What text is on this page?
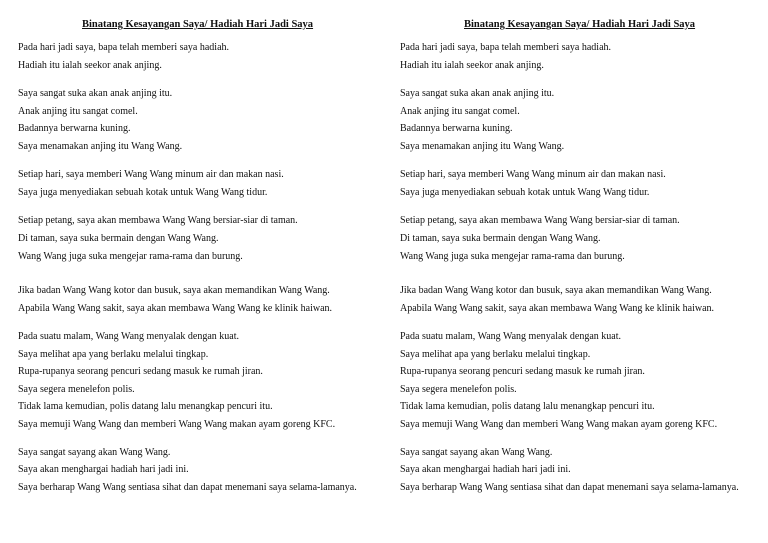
Binatang Kesayangan Saya/ Hadiah Hari Jadi Saya
Pada hari jadi saya, bapa telah memberi saya hadiah.
Hadiah itu ialah seekor anak anjing.
Saya sangat suka akan anak anjing itu.
Anak anjing itu sangat comel.
Badannya berwarna kuning.
Saya menamakan anjing itu Wang Wang.
Setiap hari, saya memberi Wang Wang minum air dan makan nasi.
Saya juga menyediakan sebuah kotak untuk Wang Wang tidur.
Setiap petang, saya akan membawa Wang Wang bersiar-siar di taman.
Di taman, saya suka bermain dengan Wang Wang.
Wang Wang juga suka mengejar rama-rama dan burung.
Jika badan Wang Wang kotor dan busuk, saya akan memandikan Wang Wang.
Apabila Wang Wang sakit, saya akan membawa Wang Wang ke klinik haiwan.
Pada suatu malam, Wang Wang menyalak dengan kuat.
Saya melihat apa yang berlaku melalui tingkap.
Rupa-rupanya seorang pencuri sedang masuk ke rumah jiran.
Saya segera menelefon polis.
Tidak lama kemudian, polis datang lalu menangkap pencuri itu.
Saya memuji Wang Wang dan memberi Wang Wang makan ayam goreng KFC.
Saya sangat sayang akan Wang Wang.
Saya akan menghargai hadiah hari jadi ini.
Saya berharap Wang Wang sentiasa sihat dan dapat menemani saya selama-lamanya.
Binatang Kesayangan Saya/ Hadiah Hari Jadi Saya
Pada hari jadi saya, bapa telah memberi saya hadiah.
Hadiah itu ialah seekor anak anjing.
Saya sangat suka akan anak anjing itu.
Anak anjing itu sangat comel.
Badannya berwarna kuning.
Saya menamakan anjing itu Wang Wang.
Setiap hari, saya memberi Wang Wang minum air dan makan nasi.
Saya juga menyediakan sebuah kotak untuk Wang Wang tidur.
Setiap petang, saya akan membawa Wang Wang bersiar-siar di taman.
Di taman, saya suka bermain dengan Wang Wang.
Wang Wang juga suka mengejar rama-rama dan burung.
Jika badan Wang Wang kotor dan busuk, saya akan memandikan Wang Wang.
Apabila Wang Wang sakit, saya akan membawa Wang Wang ke klinik haiwan.
Pada suatu malam, Wang Wang menyalak dengan kuat.
Saya melihat apa yang berlaku melalui tingkap.
Rupa-rupanya seorang pencuri sedang masuk ke rumah jiran.
Saya segera menelefon polis.
Tidak lama kemudian, polis datang lalu menangkap pencuri itu.
Saya memuji Wang Wang dan memberi Wang Wang makan ayam goreng KFC.
Saya sangat sayang akan Wang Wang.
Saya akan menghargai hadiah hari jadi ini.
Saya berharap Wang Wang sentiasa sihat dan dapat menemani saya selama-lamanya.
